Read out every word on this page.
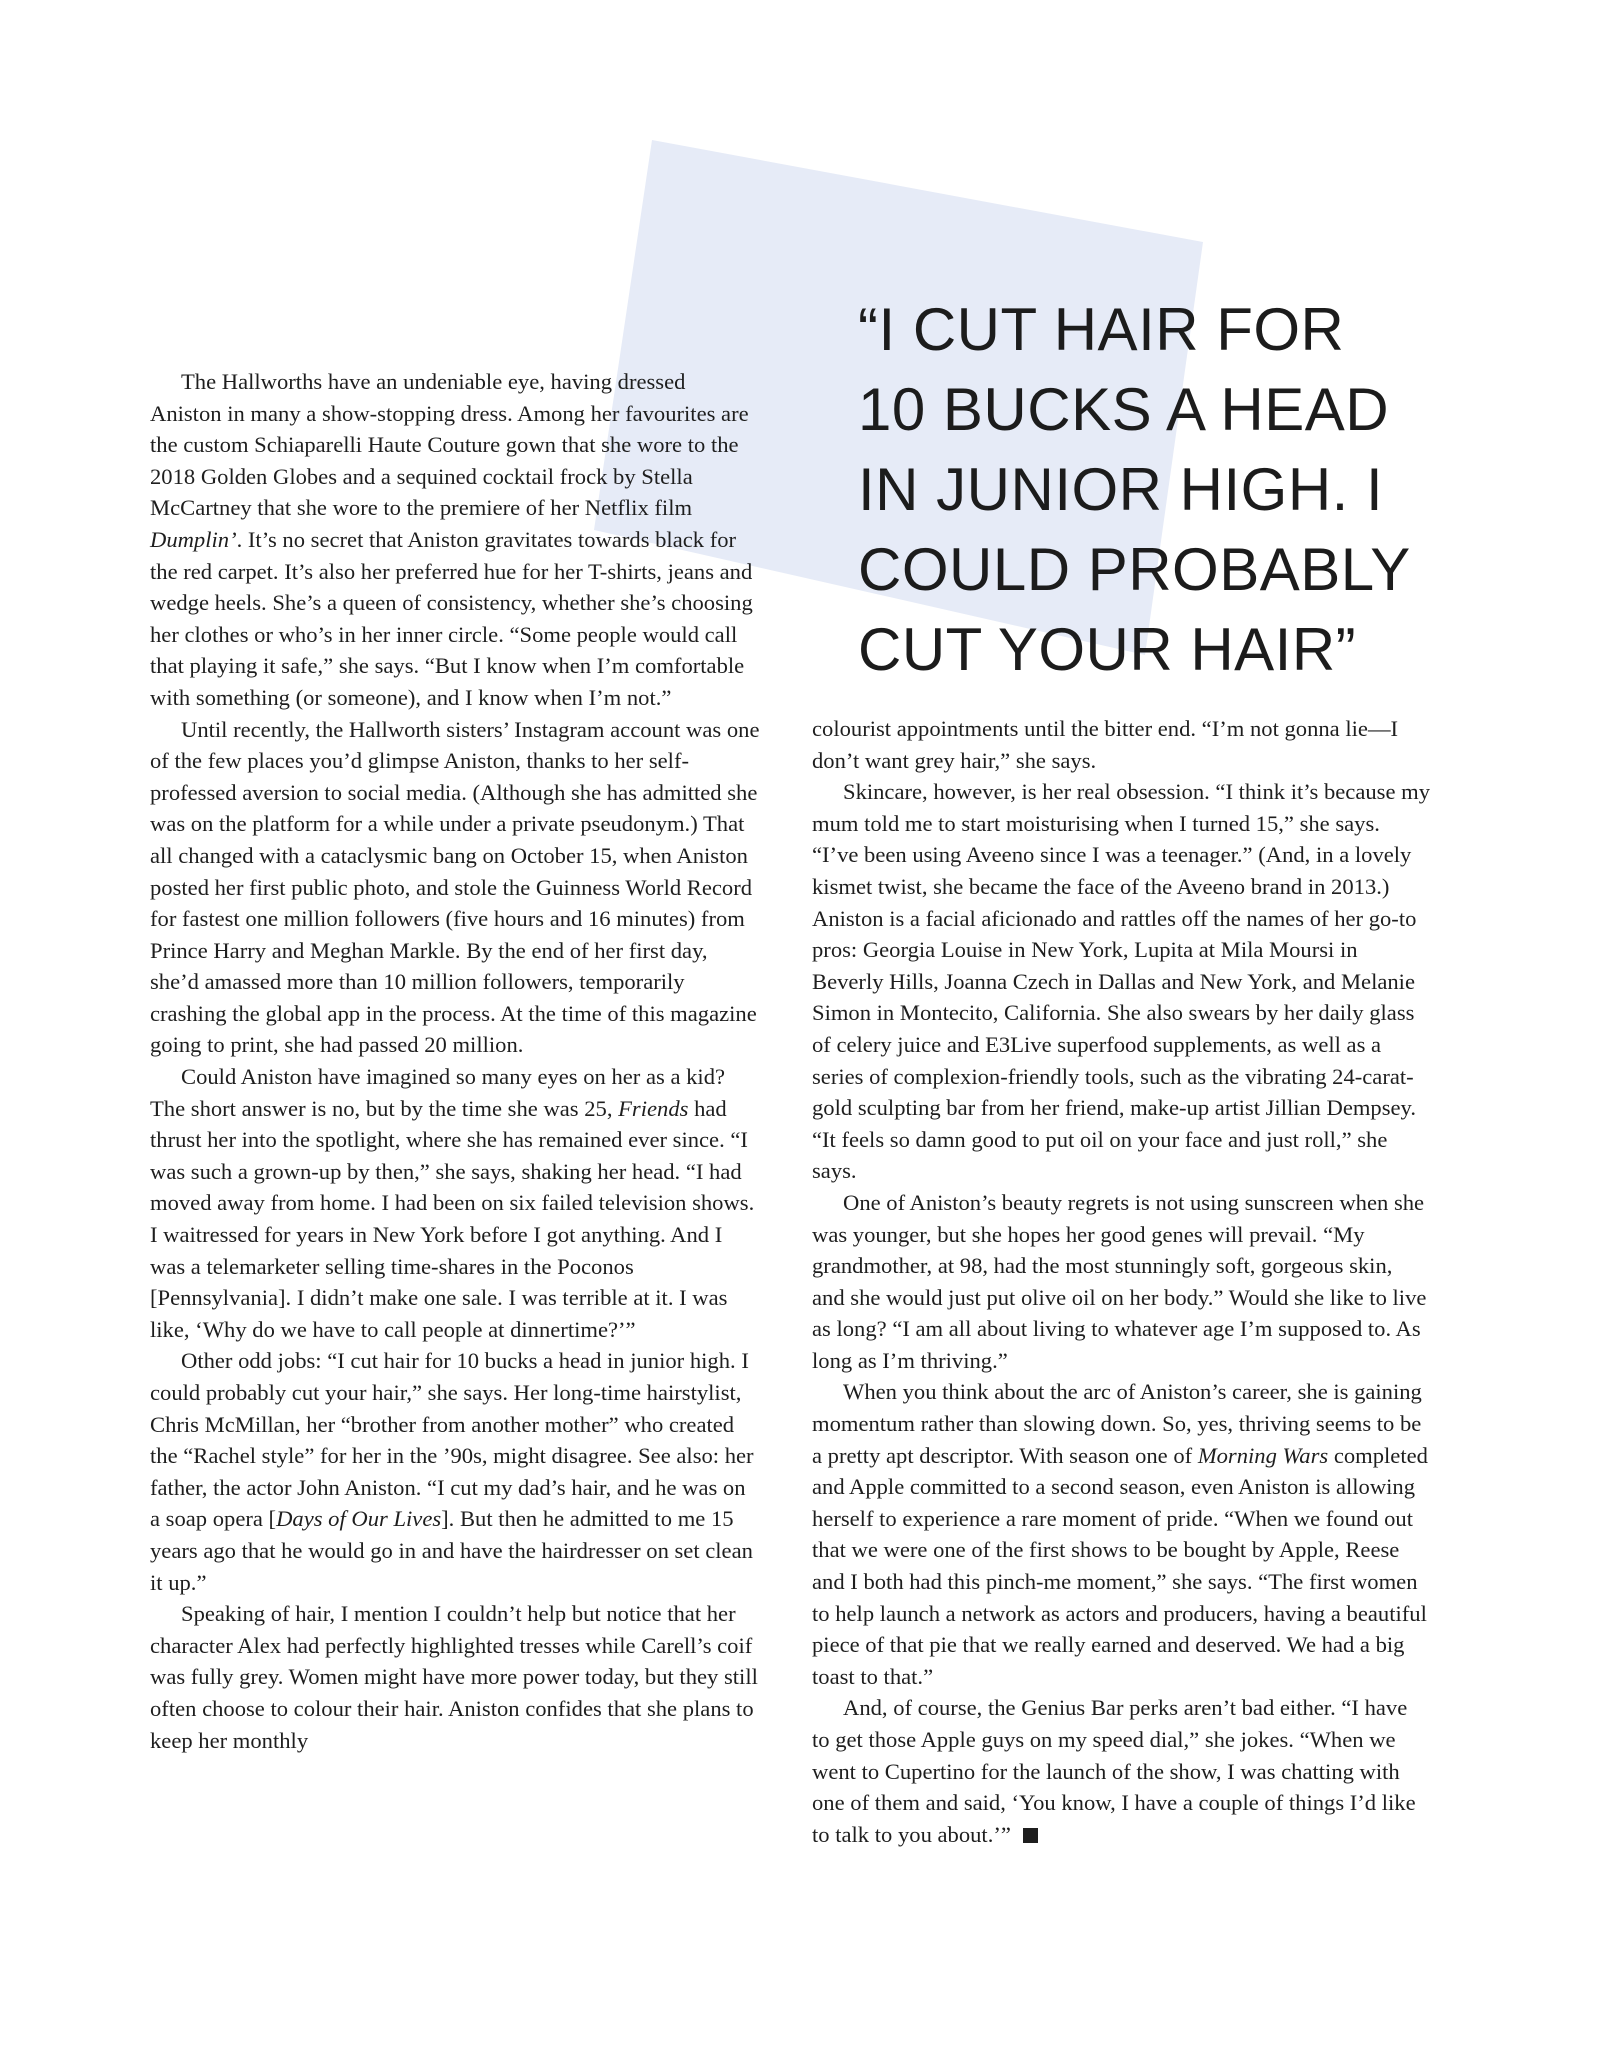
“I CUT HAIR FOR
10 BUCKS A HEAD
IN JUNIOR HIGH. I
COULD PROBABLY
CUT YOUR HAIR”

The Hallworths have an undeniable eye, having dressed Aniston in many a show-stopping dress. Among her favourites are the custom Schiaparelli Haute Couture gown that she wore to the 2018 Golden Globes and a sequined cocktail frock by Stella McCartney that she wore to the premiere of her Netflix film Dumplin’. It’s no secret that Aniston gravitates towards black for the red carpet. It’s also her preferred hue for her T-shirts, jeans and wedge heels. She’s a queen of consistency, whether she’s choosing her clothes or who’s in her inner circle. “Some people would call that playing it safe,” she says. “But I know when I’m comfortable with something (or someone), and I know when I’m not.”

Until recently, the Hallworth sisters’ Instagram account was one of the few places you’d glimpse Aniston, thanks to her self-professed aversion to social media. (Although she has admitted she was on the platform for a while under a private pseudonym.) That all changed with a cataclysmic bang on October 15, when Aniston posted her first public photo, and stole the Guinness World Record for fastest one million followers (five hours and 16 minutes) from Prince Harry and Meghan Markle. By the end of her first day, she’d amassed more than 10 million followers, temporarily crashing the global app in the process. At the time of this magazine going to print, she had passed 20 million.

Could Aniston have imagined so many eyes on her as a kid? The short answer is no, but by the time she was 25, Friends had thrust her into the spotlight, where she has remained ever since. “I was such a grown-up by then,” she says, shaking her head. “I had moved away from home. I had been on six failed television shows. I waitressed for years in New York before I got anything. And I was a telemarketer selling time-shares in the Poconos [Pennsylvania]. I didn’t make one sale. I was terrible at it. I was like, ‘Why do we have to call people at dinnertime?’”

Other odd jobs: “I cut hair for 10 bucks a head in junior high. I could probably cut your hair,” she says. Her long-time hairstylist, Chris McMillan, her “brother from another mother” who created the “Rachel style” for her in the ’90s, might disagree. See also: her father, the actor John Aniston. “I cut my dad’s hair, and he was on a soap opera [Days of Our Lives]. But then he admitted to me 15 years ago that he would go in and have the hairdresser on set clean it up.”

Speaking of hair, I mention I couldn’t help but notice that her character Alex had perfectly highlighted tresses while Carell’s coif was fully grey. Women might have more power today, but they still often choose to colour their hair. Aniston confides that she plans to keep her monthly

colourist appointments until the bitter end. “I’m not gonna lie—I don’t want grey hair,” she says.

Skincare, however, is her real obsession. “I think it’s because my mum told me to start moisturising when I turned 15,” she says. “I’ve been using Aveeno since I was a teenager.” (And, in a lovely kismet twist, she became the face of the Aveeno brand in 2013.) Aniston is a facial aficionado and rattles off the names of her go-to pros: Georgia Louise in New York, Lupita at Mila Moursi in Beverly Hills, Joanna Czech in Dallas and New York, and Melanie Simon in Montecito, California. She also swears by her daily glass of celery juice and E3Live superfood supplements, as well as a series of complexion-friendly tools, such as the vibrating 24-carat-gold sculpting bar from her friend, make-up artist Jillian Dempsey. “It feels so damn good to put oil on your face and just roll,” she says.

One of Aniston’s beauty regrets is not using sunscreen when she was younger, but she hopes her good genes will prevail. “My grandmother, at 98, had the most stunningly soft, gorgeous skin, and she would just put olive oil on her body.” Would she like to live as long? “I am all about living to whatever age I’m supposed to. As long as I’m thriving.”

When you think about the arc of Aniston’s career, she is gaining momentum rather than slowing down. So, yes, thriving seems to be a pretty apt descriptor. With season one of Morning Wars completed and Apple committed to a second season, even Aniston is allowing herself to experience a rare moment of pride. “When we found out that we were one of the first shows to be bought by Apple, Reese and I both had this pinch-me moment,” she says. “The first women to help launch a network as actors and producers, having a beautiful piece of that pie that we really earned and deserved. We had a big toast to that.”

And, of course, the Genius Bar perks aren’t bad either. “I have to get those Apple guys on my speed dial,” she jokes. “When we went to Cupertino for the launch of the show, I was chatting with one of them and said, ‘You know, I have a couple of things I’d like to talk to you about.’”
